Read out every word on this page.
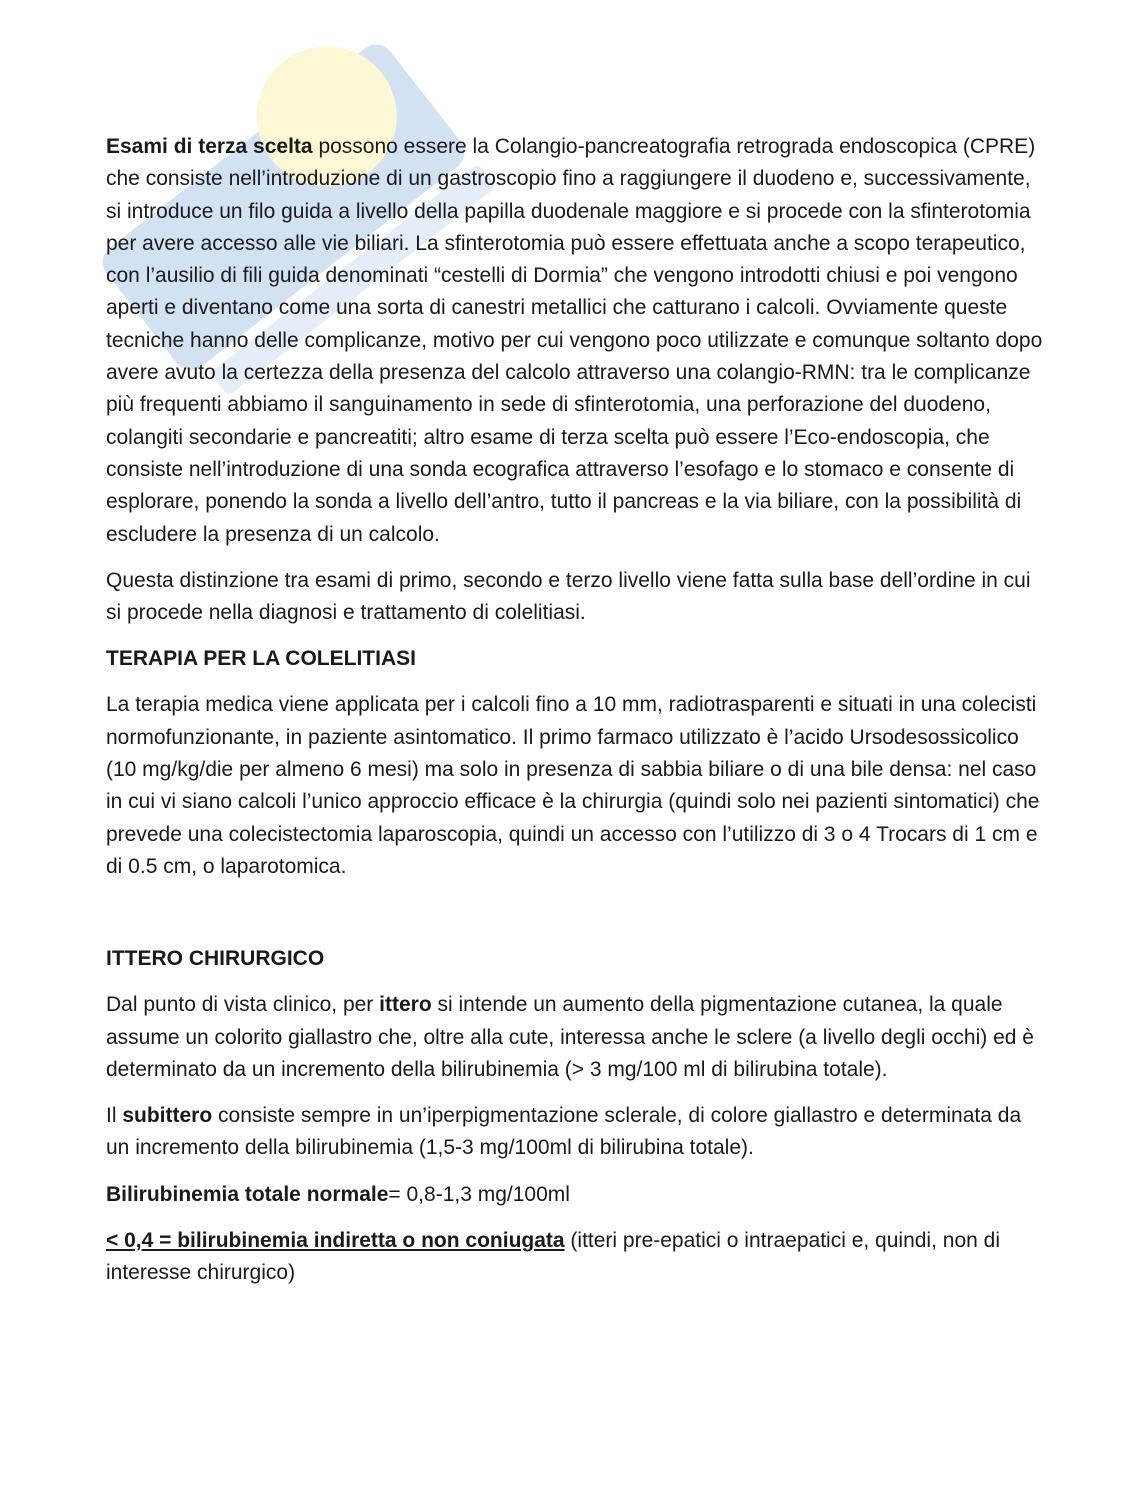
Esami di terza scelta possono essere la Colangio-pancreatografia retrograda endoscopica (CPRE) che consiste nell’introduzione di un gastroscopio fino a raggiungere il duodeno e, successivamente, si introduce un filo guida a livello della papilla duodenale maggiore e si procede con la sfinterotomia per avere accesso alle vie biliari. La sfinterotomia può essere effettuata anche a scopo terapeutico, con l’ausilio di fili guida denominati “cestelli di Dormia” che vengono introdotti chiusi e poi vengono aperti e diventano come una sorta di canestri metallici che catturano i calcoli. Ovviamente queste tecniche hanno delle complicanze, motivo per cui vengono poco utilizzate e comunque soltanto dopo avere avuto la certezza della presenza del calcolo attraverso una colangio-RMN: tra le complicanze più frequenti abbiamo il sanguinamento in sede di sfinterotomia, una perforazione del duodeno, colangiti secondarie e pancreatiti; altro esame di terza scelta può essere l’Eco-endoscopia, che consiste nell’introduzione di una sonda ecografica attraverso l’esofago e lo stomaco e consente di esplorare, ponendo la sonda a livello dell’antro, tutto il pancreas e la via biliare, con la possibilità di escludere la presenza di un calcolo.

Questa distinzione tra esami di primo, secondo e terzo livello viene fatta sulla base dell’ordine in cui si procede nella diagnosi e trattamento di colelitiasi.

TERAPIA PER LA COLELITIASI

La terapia medica viene applicata per i calcoli fino a 10 mm, radiotrasparenti e situati in una colecisti normofunzionante, in paziente asintomatico. Il primo farmaco utilizzato è l’acido Ursodesossicolico (10 mg/kg/die per almeno 6 mesi) ma solo in presenza di sabbia biliare o di una bile densa: nel caso in cui vi siano calcoli l’unico approccio efficace è la chirurgia (quindi solo nei pazienti sintomatici) che prevede una colecistectomia laparoscopia, quindi un accesso con l’utilizzo di 3 o 4 Trocars di 1 cm e di 0.5 cm, o laparotomica.

ITTERO CHIRURGICO

Dal punto di vista clinico, per ittero si intende un aumento della pigmentazione cutanea, la quale assume un colorito giallastro che, oltre alla cute, interessa anche le sclere (a livello degli occhi) ed è determinato da un incremento della bilirubinemia (> 3 mg/100 ml di bilirubina totale).

Il subittero consiste sempre in un’iperpigmentazione sclerale, di colore giallastro e determinata da un incremento della bilirubinemia (1,5-3 mg/100ml di bilirubina totale).

Bilirubinemia totale normale= 0,8-1,3 mg/100ml

< 0,4 = bilirubinemia indiretta o non coniugata (itteri pre-epatici o intraepatici e, quindi, non di interesse chirurgico)
